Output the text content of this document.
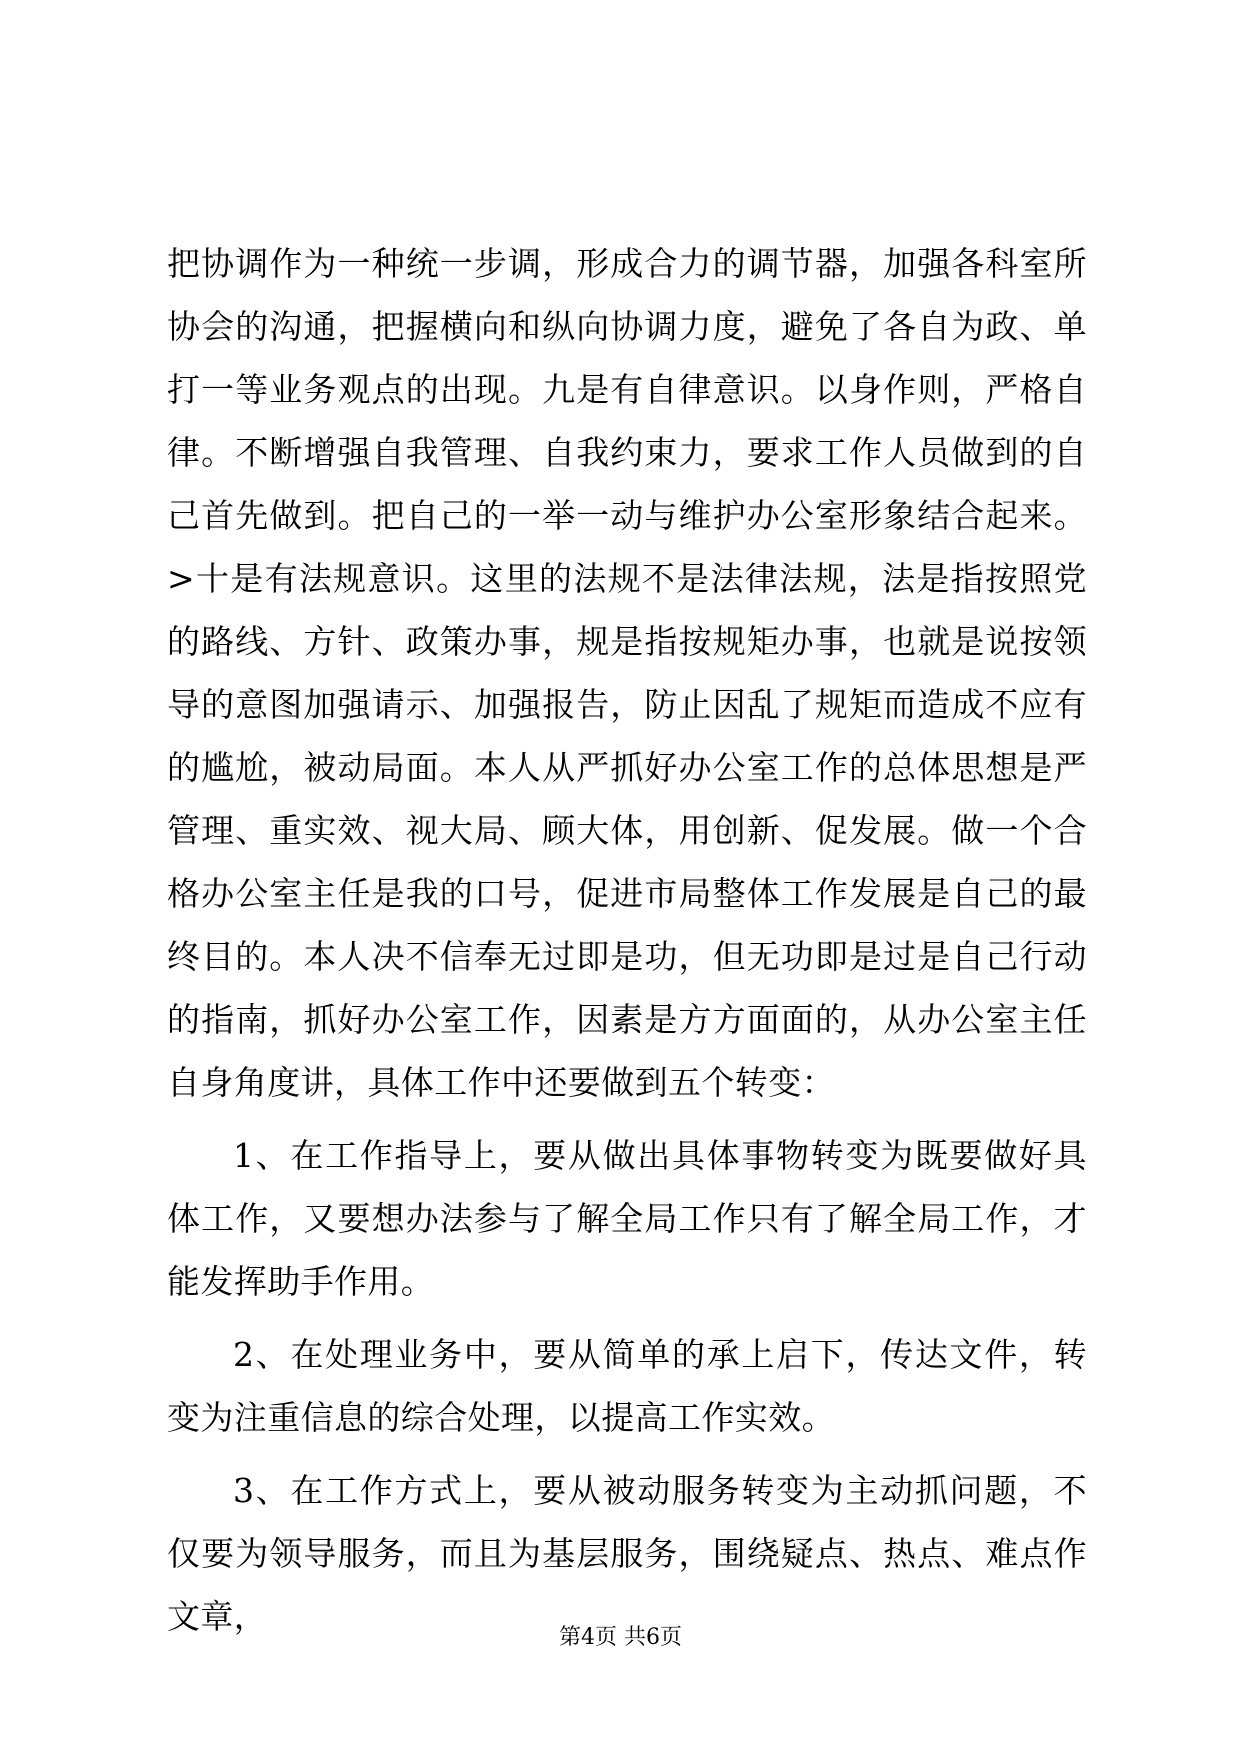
把协调作为一种统一步调，形成合力的调节器，加强各科室所协会的沟通，把握横向和纵向协调力度，避免了各自为政、单打一等业务观点的出现。九是有自律意识。以身作则，严格自律。不断增强自我管理、自我约束力，要求工作人员做到的自己首先做到。把自己的一举一动与维护办公室形象结合起来。>十是有法规意识。这里的法规不是法律法规，法是指按照党的路线、方针、政策办事，规是指按规矩办事，也就是说按领导的意图加强请示、加强报告，防止因乱了规矩而造成不应有的尴尬，被动局面。本人从严抓好办公室工作的总体思想是严管理、重实效、视大局、顾大体，用创新、促发展。做一个合格办公室主任是我的口号，促进市局整体工作发展是自己的最终目的。本人决不信奉无过即是功，但无功即是过是自己行动的指南，抓好办公室工作，因素是方方面面的，从办公室主任自身角度讲，具体工作中还要做到五个转变：

1、在工作指导上，要从做出具体事物转变为既要做好具体工作，又要想办法参与了解全局工作只有了解全局工作，才能发挥助手作用。

2、在处理业务中，要从简单的承上启下，传达文件，转变为注重信息的综合处理，以提高工作实效。

3、在工作方式上，要从被动服务转变为主动抓问题，不仅要为领导服务，而且为基层服务，围绕疑点、热点、难点作文章，

第4页 共6页
